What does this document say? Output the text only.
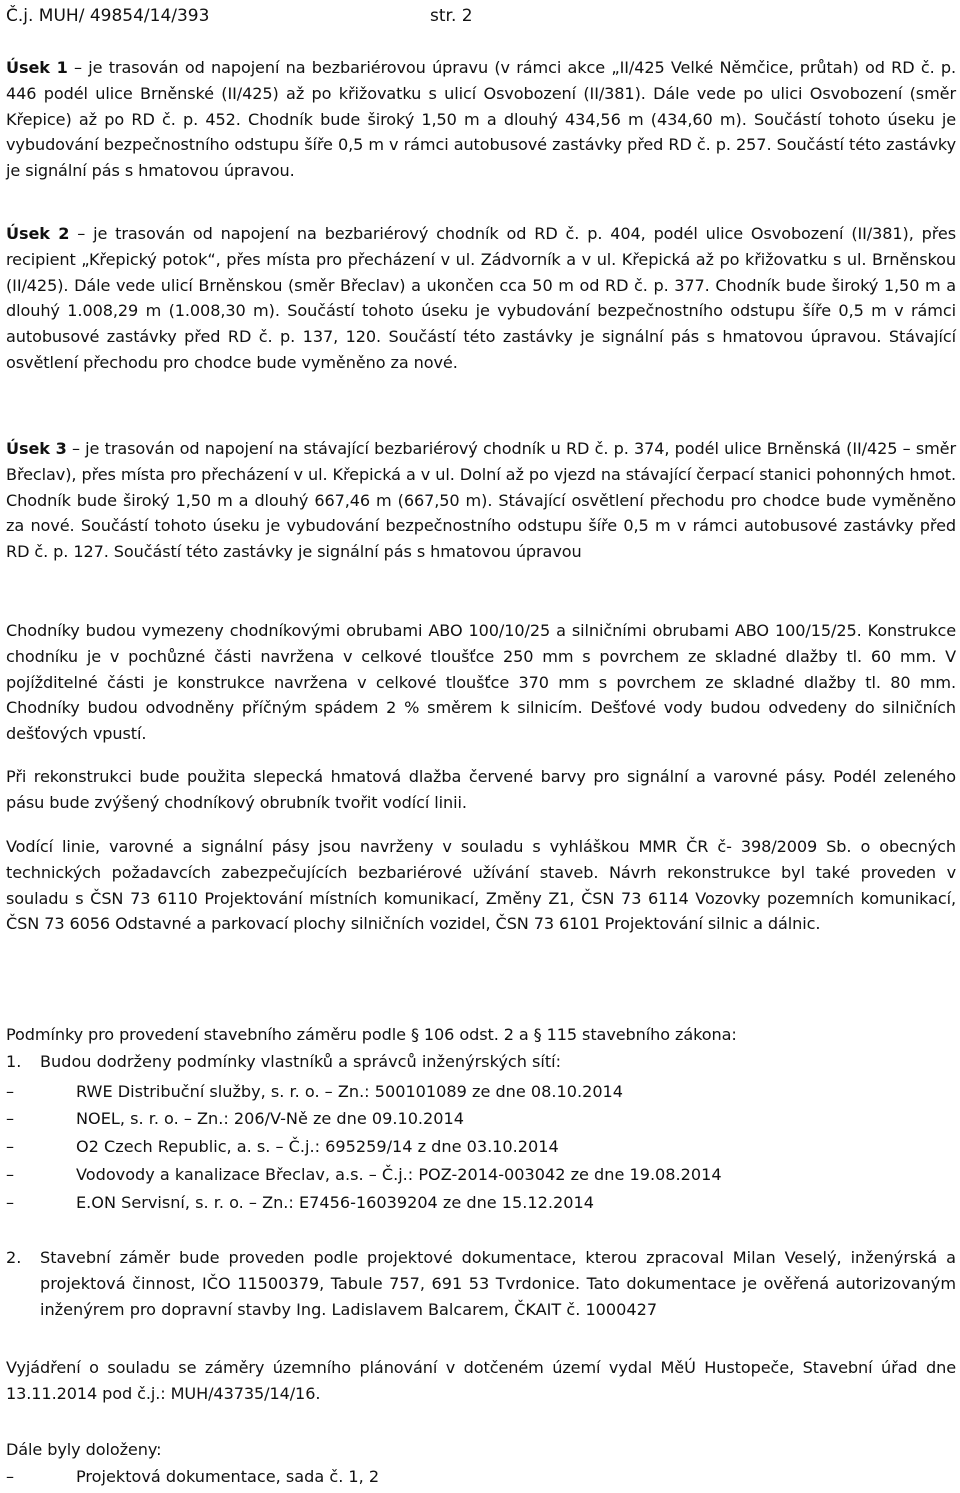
Č.j. MUH/ 49854/14/393	str. 2
Úsek 1 – je trasován od napojení na bezbariérovou úpravu (v rámci akce „II/425 Velké Němčice, průtah) od RD č. p. 446 podél ulice Brněnské (II/425) až po křižovatku s ulicí Osvobození (II/381). Dále vede po ulici Osvobození (směr Křepice) až po RD č. p. 452. Chodník bude široký 1,50 m a dlouhý 434,56 m (434,60 m). Součástí tohoto úseku je vybudování bezpečnostního odstupu šíře 0,5 m v rámci autobusové zastávky před RD č. p. 257. Součástí této zastávky je signální pás s hmatovou úpravou.
Úsek 2 – je trasován od napojení na bezbariérový chodník od RD č. p. 404, podél ulice Osvobození (II/381), přes recipient „Křepický potok“, přes místa pro přecházení v ul. Zádvorník a v ul. Křepická až po křižovatku s ul. Brněnskou (II/425). Dále vede ulicí Brněnskou (směr Břeclav) a ukončen cca 50 m od RD č. p. 377. Chodník bude široký 1,50 m a dlouhý 1.008,29 m (1.008,30 m). Součástí tohoto úseku je vybudování bezpečnostního odstupu šíře 0,5 m v rámci autobusové zastávky před RD č. p. 137, 120. Součástí této zastávky je signální pás s hmatovou úpravou. Stávající osvětlení přechodu pro chodce bude vyměněno za nové.
Úsek 3 – je trasován od napojení na stávající bezbariérový chodník u RD č. p. 374, podél ulice Brněnská (II/425 – směr Břeclav), přes místa pro přecházení v ul. Křepická a v ul. Dolní až po vjezd na stávající čerpací stanici pohonných hmot. Chodník bude široký 1,50 m a dlouhý 667,46 m (667,50 m). Stávající osvětlení přechodu pro chodce bude vyměněno za nové. Součástí tohoto úseku je vybudování bezpečnostního odstupu šíře 0,5 m v rámci autobusové zastávky před RD č. p. 127. Součástí této zastávky je signální pás s hmatovou úpravou
Chodníky budou vymezeny chodníkovými obrubami ABO 100/10/25 a silničními obrubami ABO 100/15/25. Konstrukce chodníku je v pochůzné části navržena v celkové tloušťce 250 mm s povrchem ze skladné dlažby tl. 60 mm. V pojížditelné části je konstrukce navržena v celkové tloušťce 370 mm s povrchem ze skladné dlažby tl. 80 mm. Chodníky budou odvodněny příčným spádem 2 % směrem k silnicím. Dešťové vody budou odvedeny do silničních dešťových vpustí.
Při rekonstrukci bude použita slepecká hmatová dlažba červené barvy pro signální a varovné pásy. Podél zeleného pásu bude zvýšený chodníkový obrubník tvořit vodící linii.
Vodící linie, varovné a signální pásy jsou navrženy v souladu s vyhláškou MMR ČR č- 398/2009 Sb. o obecných technických požadavcích zabezpečujících bezbariérové užívání staveb. Návrh rekonstrukce byl také proveden v souladu s ČSN 73 6110 Projektování místních komunikací, Změny Z1, ČSN 73 6114 Vozovky pozemních komunikací, ČSN 73 6056 Odstavné a parkovací plochy silničních vozidel, ČSN 73 6101 Projektování silnic a dálnic.
Podmínky pro provedení stavebního záměru podle § 106 odst. 2 a § 115 stavebního zákona:
1. Budou dodrženy podmínky vlastníků a správců inženýrských sítí:
–	RWE Distribuční služby, s. r. o. – Zn.: 500101089 ze dne 08.10.2014
–	NOEL, s. r. o. – Zn.: 206/V-Ně ze dne 09.10.2014
–	O2 Czech Republic, a. s. – Č.j.: 695259/14 z dne 03.10.2014
–	Vodovody a kanalizace Břeclav, a.s. – Č.j.: POZ-2014-003042 ze dne 19.08.2014
–	E.ON Servisní, s. r. o. – Zn.: E7456-16039204 ze dne 15.12.2014
2. Stavební záměr bude proveden podle projektové dokumentace, kterou zpracoval Milan Veselý, inženýrská a projektová činnost, IČO 11500379, Tabule 757, 691 53 Tvrdonice. Tato dokumentace je ověřená autorizovaným inženýrem pro dopravní stavby Ing. Ladislavem Balcarem, ČKAIT č. 1000427
Vyjádření o souladu se záměry územního plánování v dotčeném území vydal MěÚ Hustopeče, Stavební úřad dne 13.11.2014 pod č.j.: MUH/43735/14/16.
Dále byly doloženy:
–	Projektová dokumentace, sada č. 1, 2
